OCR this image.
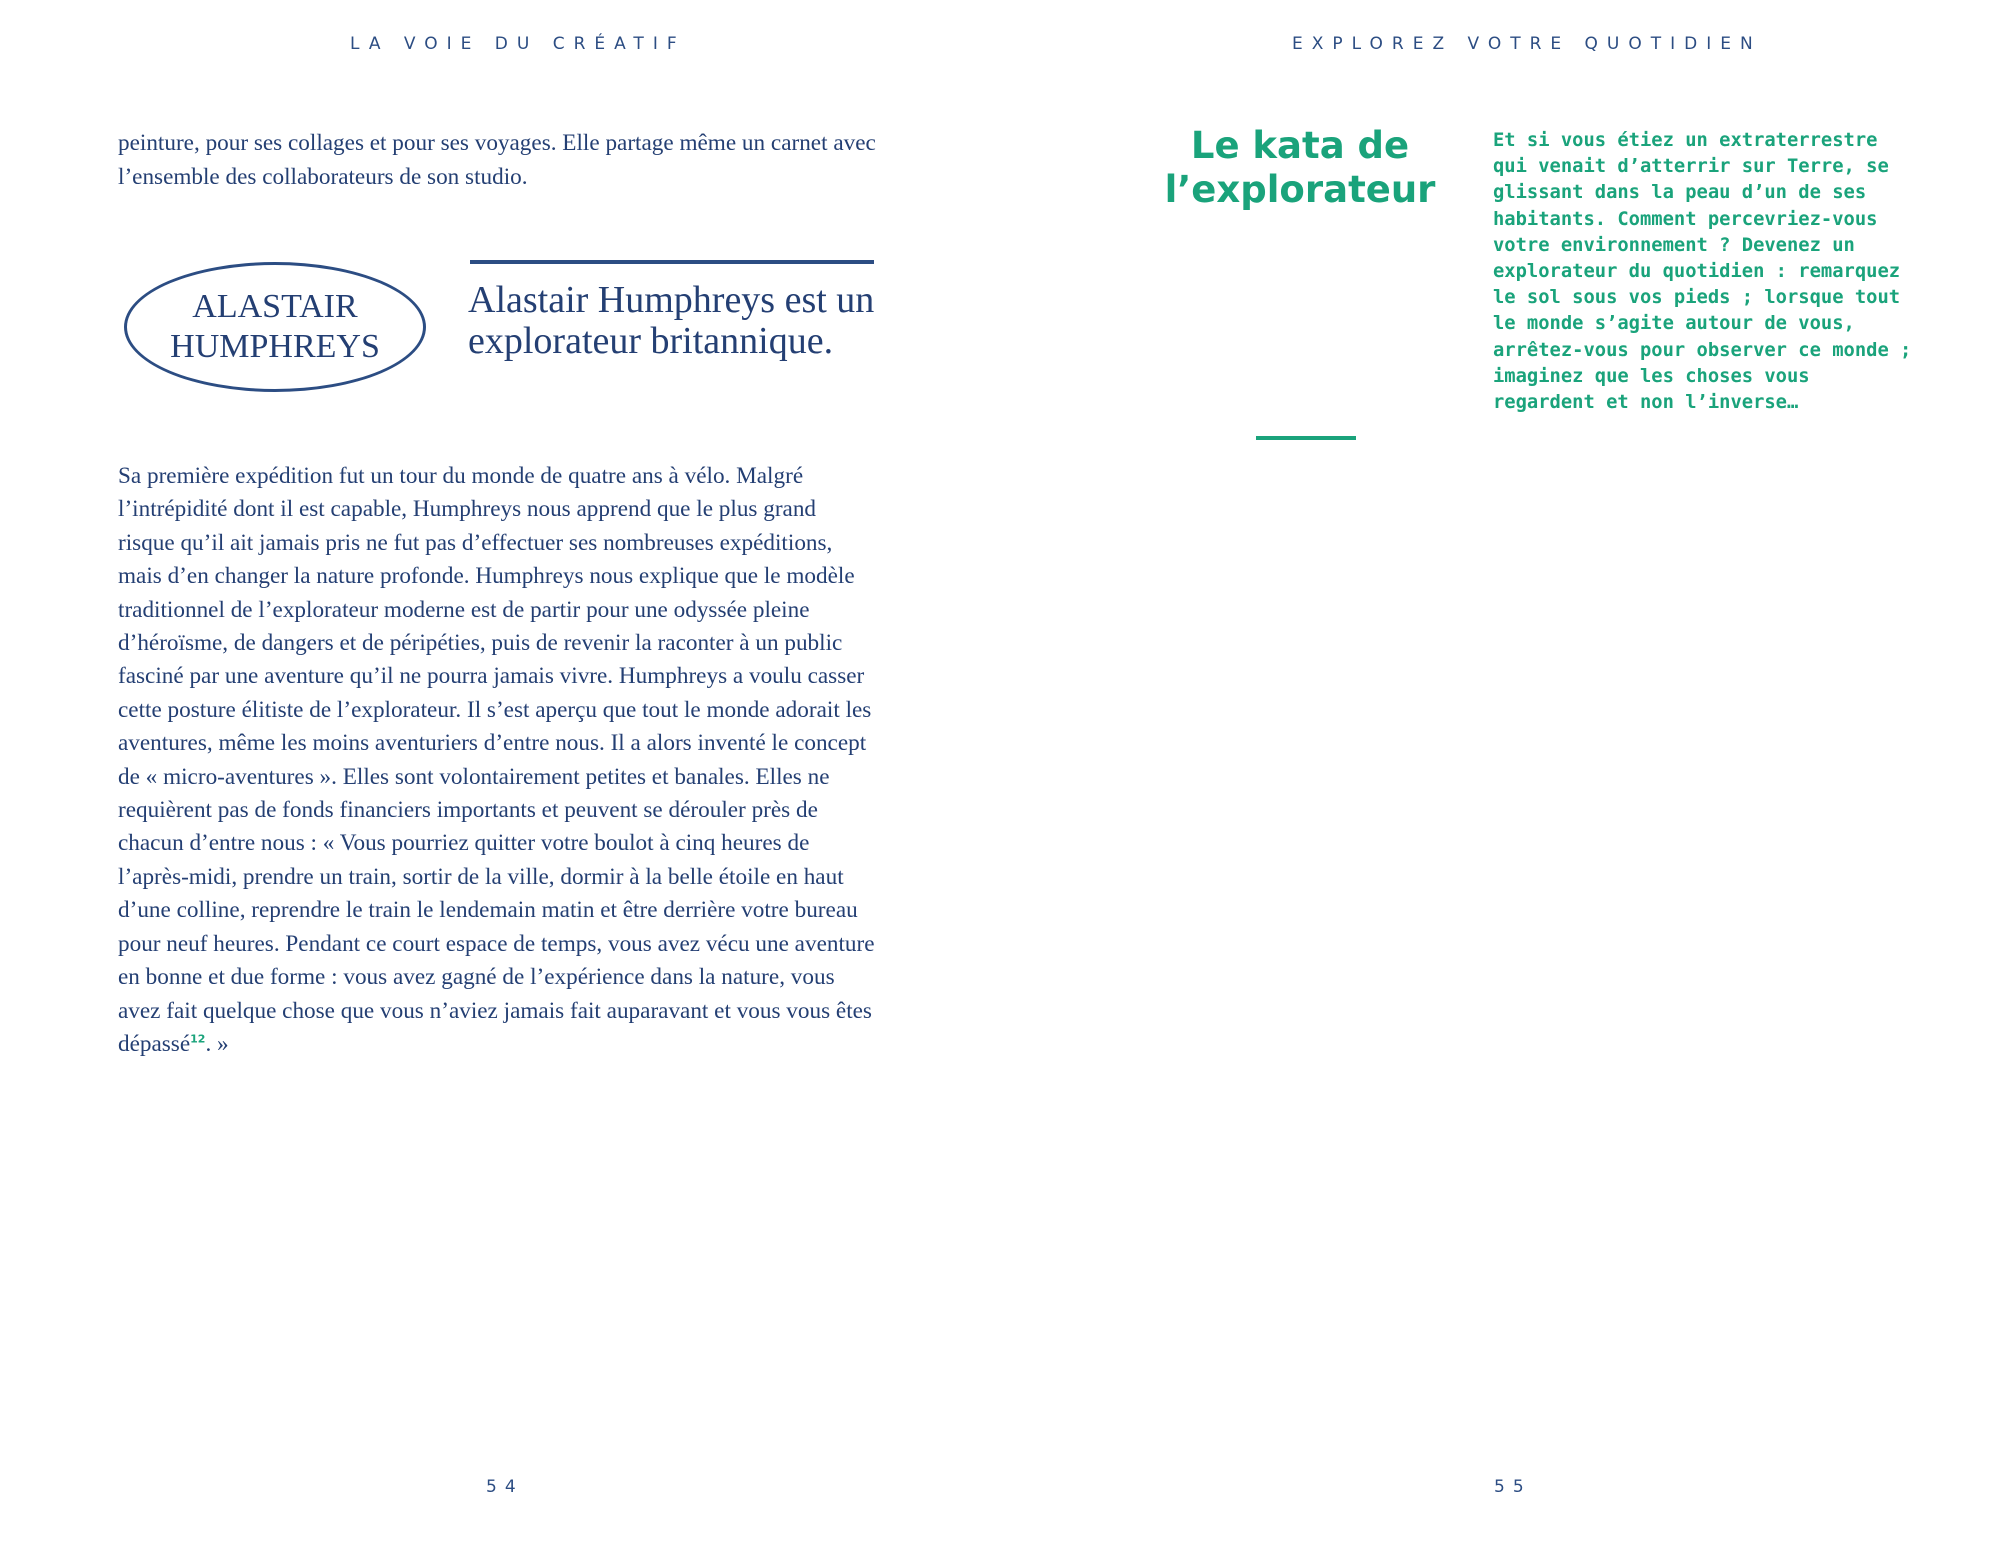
LA VOIE DU CRÉATIF

peinture, pour ses collages et pour ses voyages. Elle partage même un carnet avec l’ensemble des collaborateurs de son studio.

ALASTAIR HUMPHREYS

Alastair Humphreys est un explorateur britannique.

Sa première expédition fut un tour du monde de quatre ans à vélo. Malgré l’intrépidité dont il est capable, Humphreys nous apprend que le plus grand risque qu’il ait jamais pris ne fut pas d’effectuer ses nombreuses expéditions, mais d’en changer la nature profonde. Humphreys nous explique que le modèle traditionnel de l’explorateur moderne est de partir pour une odyssée pleine d’héroïsme, de dangers et de péripéties, puis de revenir la raconter à un public fasciné par une aventure qu’il ne pourra jamais vivre. Humphreys a voulu casser cette posture élitiste de l’explorateur. Il s’est aperçu que tout le monde adorait les aventures, même les moins aventuriers d’entre nous. Il a alors inventé le concept de « micro-aventures ». Elles sont volontairement petites et banales. Elles ne requièrent pas de fonds financiers importants et peuvent se dérouler près de chacun d’entre nous : « Vous pourriez quitter votre boulot à cinq heures de l’après-midi, prendre un train, sortir de la ville, dormir à la belle étoile en haut d’une colline, reprendre le train le lendemain matin et être derrière votre bureau pour neuf heures. Pendant ce court espace de temps, vous avez vécu une aventure en bonne et due forme : vous avez gagné de l’expérience dans la nature, vous avez fait quelque chose que vous n’aviez jamais fait auparavant et vous vous êtes dépassé$^{12}$. »

54
EXPLOREZ VOTRE QUOTIDIEN
Le kata de l’explorateur

Et si vous étiez un extraterrestre qui venait d’atterrir sur Terre, se glissant dans la peau d’un de ses habitants. Comment percevriez-vous votre environnement ? Devenez un explorateur du quotidien : remarquez le sol sous vos pieds ; lorsque tout le monde s’agite autour de vous, arrêtez-vous pour observer ce monde ; imaginez que les choses vous regardent et non l’inverse…

55
